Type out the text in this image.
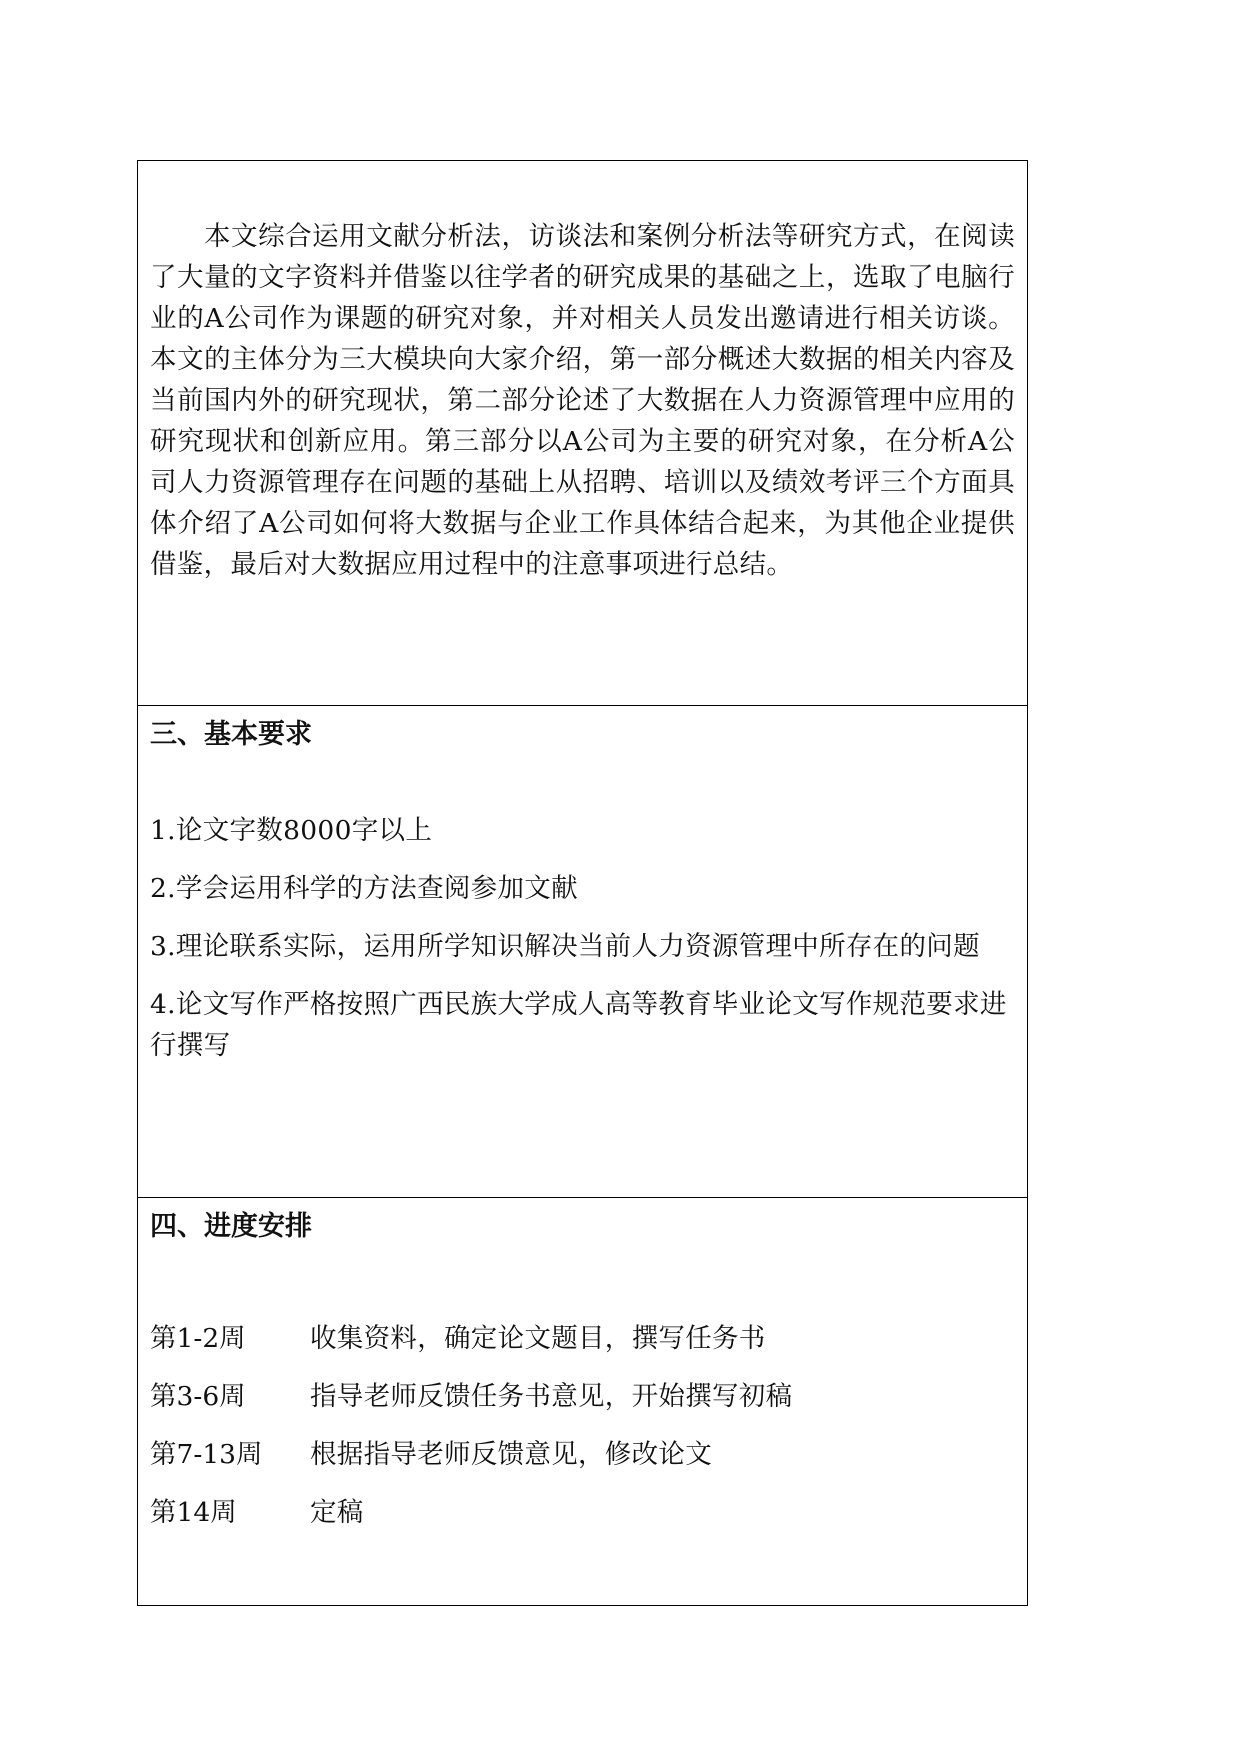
本文综合运用文献分析法，访谈法和案例分析法等研究方式，在阅读了大量的文字资料并借鉴以往学者的研究成果的基础之上，选取了电脑行业的A公司作为课题的研究对象，并对相关人员发出邀请进行相关访谈。本文的主体分为三大模块向大家介绍，第一部分概述大数据的相关内容及当前国内外的研究现状，第二部分论述了大数据在人力资源管理中应用的研究现状和创新应用。第三部分以A公司为主要的研究对象，在分析A公司人力资源管理存在问题的基础上从招聘、培训以及绩效考评三个方面具体介绍了A公司如何将大数据与企业工作具体结合起来，为其他企业提供借鉴，最后对大数据应用过程中的注意事项进行总结。

三、基本要求

1.论文字数8000字以上
2.学会运用科学的方法查阅参加文献
3.理论联系实际，运用所学知识解决当前人力资源管理中所存在的问题
4.论文写作严格按照广西民族大学成人高等教育毕业论文写作规范要求进行撰写

四、进度安排

第1-2周	收集资料，确定论文题目，撰写任务书
第3-6周	指导老师反馈任务书意见，开始撰写初稿
第7-13周	根据指导老师反馈意见，修改论文
第14周	定稿
